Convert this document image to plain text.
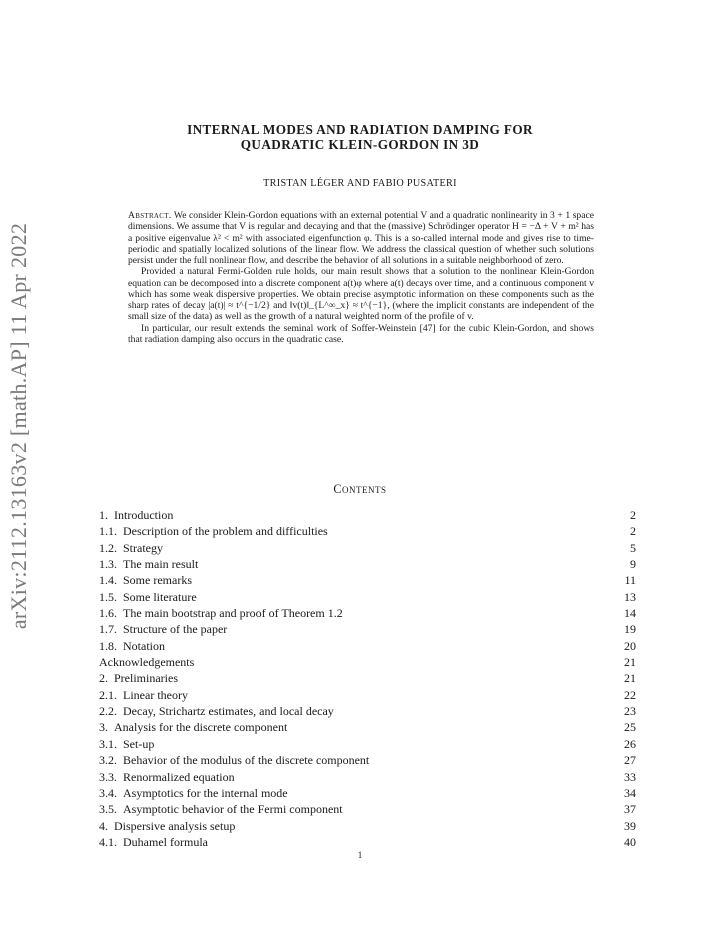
arXiv:2112.13163v2 [math.AP] 11 Apr 2022
INTERNAL MODES AND RADIATION DAMPING FOR
QUADRATIC KLEIN-GORDON IN 3D
TRISTAN LÉGER AND FABIO PUSATERI

Abstract. We consider Klein-Gordon equations with an external potential V and a quadratic nonlinearity in 3 + 1 space dimensions. We assume that V is regular and decaying and that the (massive) Schrödinger operator H = −Δ + V + m² has a positive eigenvalue λ² < m² with associated eigenfunction φ. This is a so-called internal mode and gives rise to time-periodic and spatially localized solutions of the linear flow. We address the classical question of whether such solutions persist under the full nonlinear flow, and describe the behavior of all solutions in a suitable neighborhood of zero.

Provided a natural Fermi-Golden rule holds, our main result shows that a solution to the nonlinear Klein-Gordon equation can be decomposed into a discrete component a(t)φ where a(t) decays over time, and a continuous component v which has some weak dispersive properties. We obtain precise asymptotic information on these components such as the sharp rates of decay |a(t)| ≈ t^{−1/2} and ‖v(t)‖_{L^∞_x} ≈ t^{−1}, (where the implicit constants are independent of the small size of the data) as well as the growth of a natural weighted norm of the profile of v.

In particular, our result extends the seminal work of Soffer-Weinstein [47] for the cubic Klein-Gordon, and shows that radiation damping also occurs in the quadratic case.

Contents
1. Introduction	2
1.1. Description of the problem and difficulties	2
1.2. Strategy	5
1.3. The main result	9
1.4. Some remarks	11
1.5. Some literature	13
1.6. The main bootstrap and proof of Theorem 1.2	14
1.7. Structure of the paper	19
1.8. Notation	20
Acknowledgements	21
2. Preliminaries	21
2.1. Linear theory	22
2.2. Decay, Strichartz estimates, and local decay	23
3. Analysis for the discrete component	25
3.1. Set-up	26
3.2. Behavior of the modulus of the discrete component	27
3.3. Renormalized equation	33
3.4. Asymptotics for the internal mode	34
3.5. Asymptotic behavior of the Fermi component	37
4. Dispersive analysis setup	39
4.1. Duhamel formula	40
1
